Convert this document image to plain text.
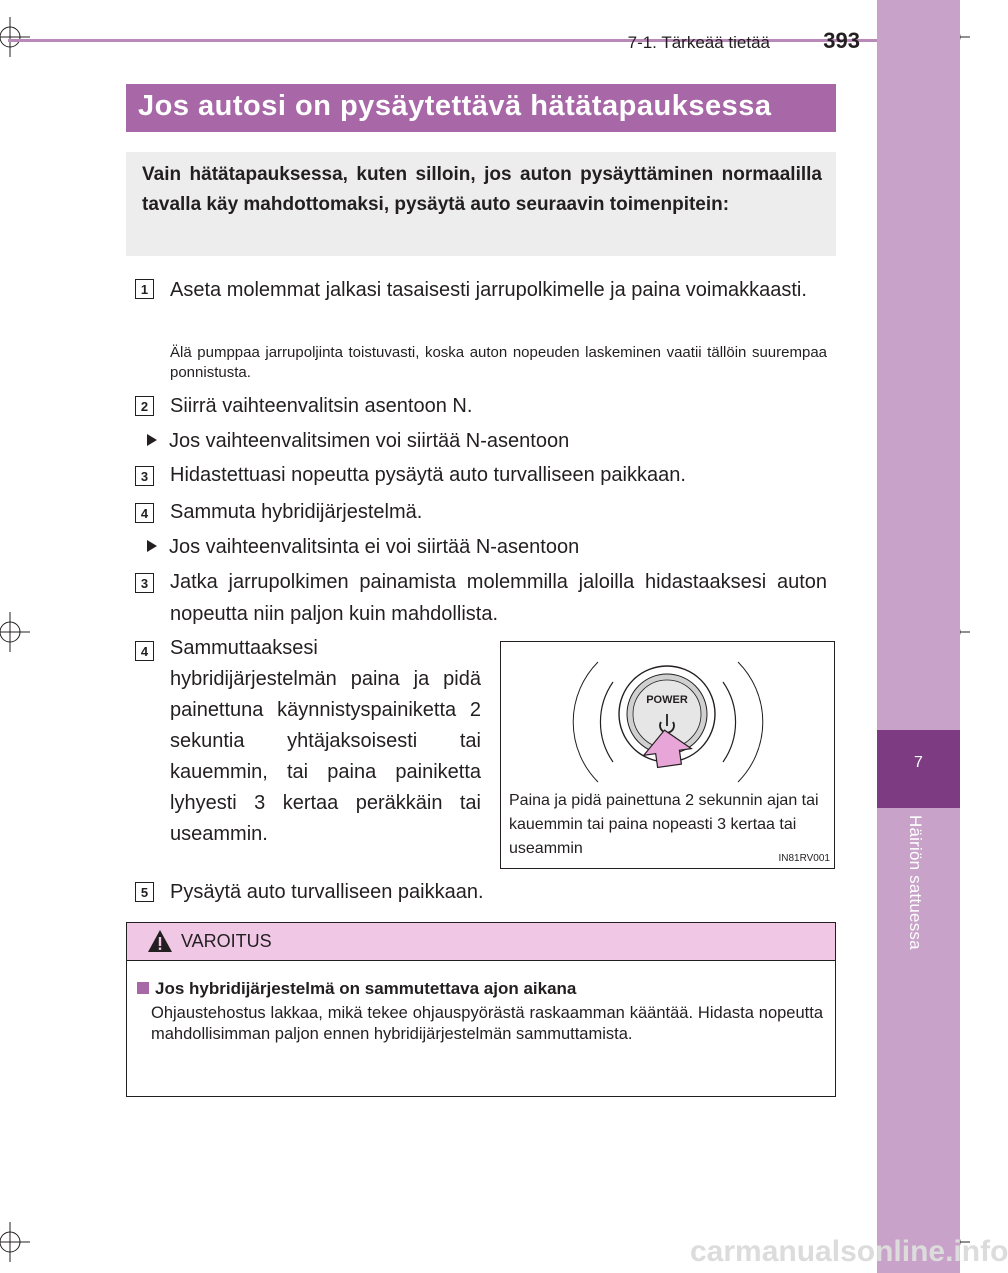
7
Häiriön sattuessa
7-1. Tärkeää tietää 393
Jos autosi on pysäytettävä hätätapauksessa

Vain hätätapauksessa, kuten silloin, jos auton pysäyttäminen normaalilla tavalla käy mahdottomaksi, pysäytä auto seuraavin toimenpitein:

1 Aseta molemmat jalkasi tasaisesti jarrupolkimelle ja paina voimakkaasti.
Älä pumppaa jarrupoljinta toistuvasti, koska auton nopeuden laskeminen vaatii tällöin suurempaa ponnistusta.
2 Siirrä vaihteenvalitsin asentoon N.
Jos vaihteenvalitsimen voi siirtää N-asentoon
3 Hidastettuasi nopeutta pysäytä auto turvalliseen paikkaan.
4 Sammuta hybridijärjestelmä.
Jos vaihteenvalitsinta ei voi siirtää N-asentoon
3 Jatka jarrupolkimen painamista molemmilla jaloilla hidastaaksesi auton nopeutta niin paljon kuin mahdollista.
4 Sammuttaaksesi hybridijärjestelmän paina ja pidä painettuna käynnistyspainiketta 2 sekuntia yhtäjaksoisesti tai kauemmin, tai paina painiketta lyhyesti 3 kertaa peräkkäin tai useammin.
POWER
Paina ja pidä painettuna 2 sekunnin ajan tai kauemmin tai paina nopeasti 3 kertaa tai useammin
IN81RV001
5 Pysäytä auto turvalliseen paikkaan.
VAROITUS
Jos hybridijärjestelmä on sammutettava ajon aikana
Ohjaustehostus lakkaa, mikä tekee ohjauspyörästä raskaamman kääntää. Hidasta nopeutta mahdollisimman paljon ennen hybridijärjestelmän sammuttamista.
carmanualsonline.info
